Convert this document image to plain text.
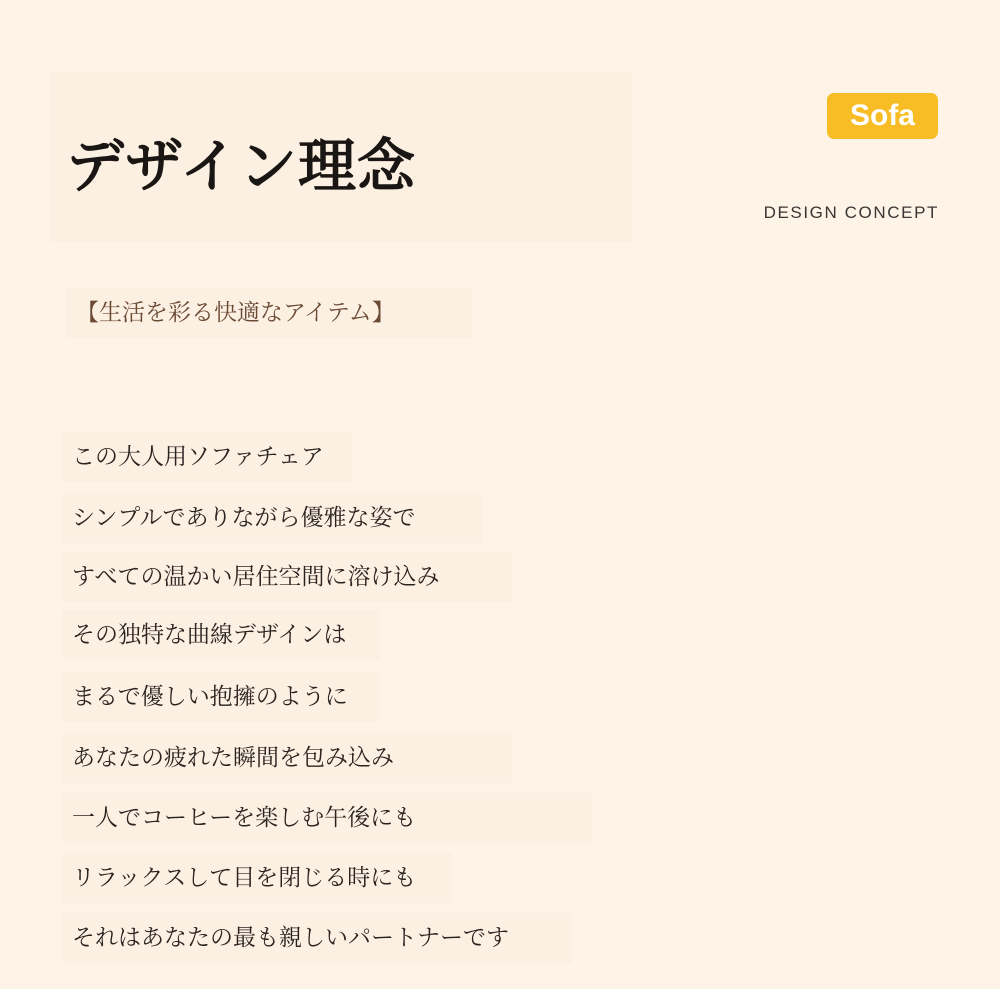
デザイン理念
Sofa
DESIGN CONCEPT
【生活を彩る快適なアイテム】
この大人用ソファチェア
シンプルでありながら優雅な姿で
すべての温かい居住空間に溶け込み
その独特な曲線デザインは
まるで優しい抱擁のように
あなたの疲れた瞬間を包み込み
一人でコーヒーを楽しむ午後にも
リラックスして目を閉じる時にも
それはあなたの最も親しいパートナーです
